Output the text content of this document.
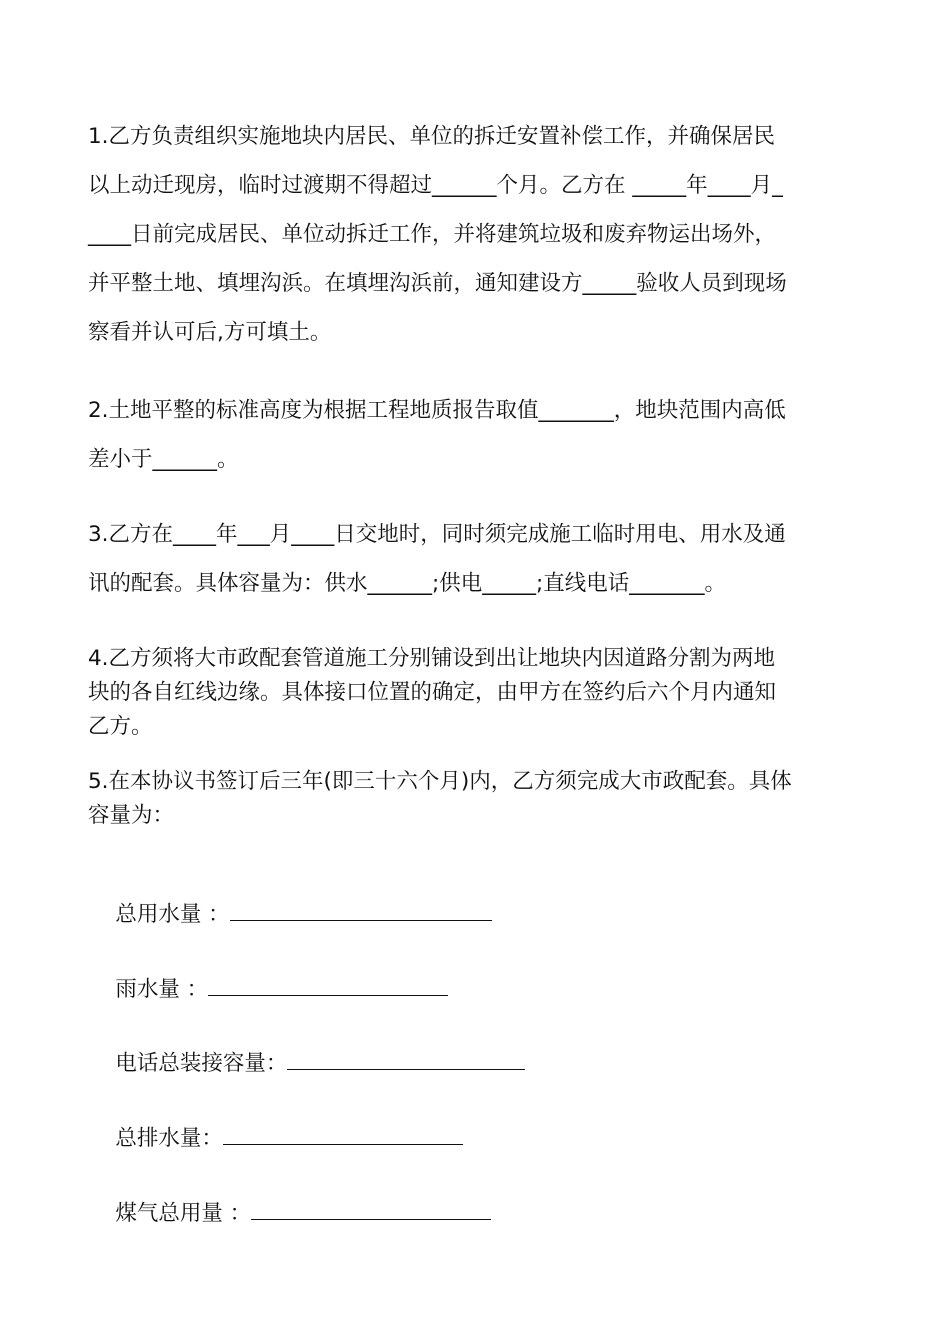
1.乙方负责组织实施地块内居民、单位的拆迁安置补偿工作，并确保居民

以上动迁现房，临时过渡期不得超过______个月。乙方在 _____年____月_

____日前完成居民、单位动拆迁工作，并将建筑垃圾和废弃物运出场外，

并平整土地、填埋沟浜。在填埋沟浜前，通知建设方_____验收人员到现场

察看并认可后,方可填土。

2.土地平整的标准高度为根据工程地质报告取值_______，地块范围内高低

差小于______。

3.乙方在____年___月____日交地时，同时须完成施工临时用电、用水及通

讯的配套。具体容量为：供水______;供电_____;直线电话_______。

4.乙方须将大市政配套管道施工分别铺设到出让地块内因道路分割为两地

块的各自红线边缘。具体接口位置的确定，由甲方在签约后六个月内通知

乙方。

5.在本协议书签订后三年(即三十六个月)内，乙方须完成大市政配套。具体

容量为：

总用水量 ：

雨水量 ：

电话总装接容量：

总排水量：

煤气总用量 ：
